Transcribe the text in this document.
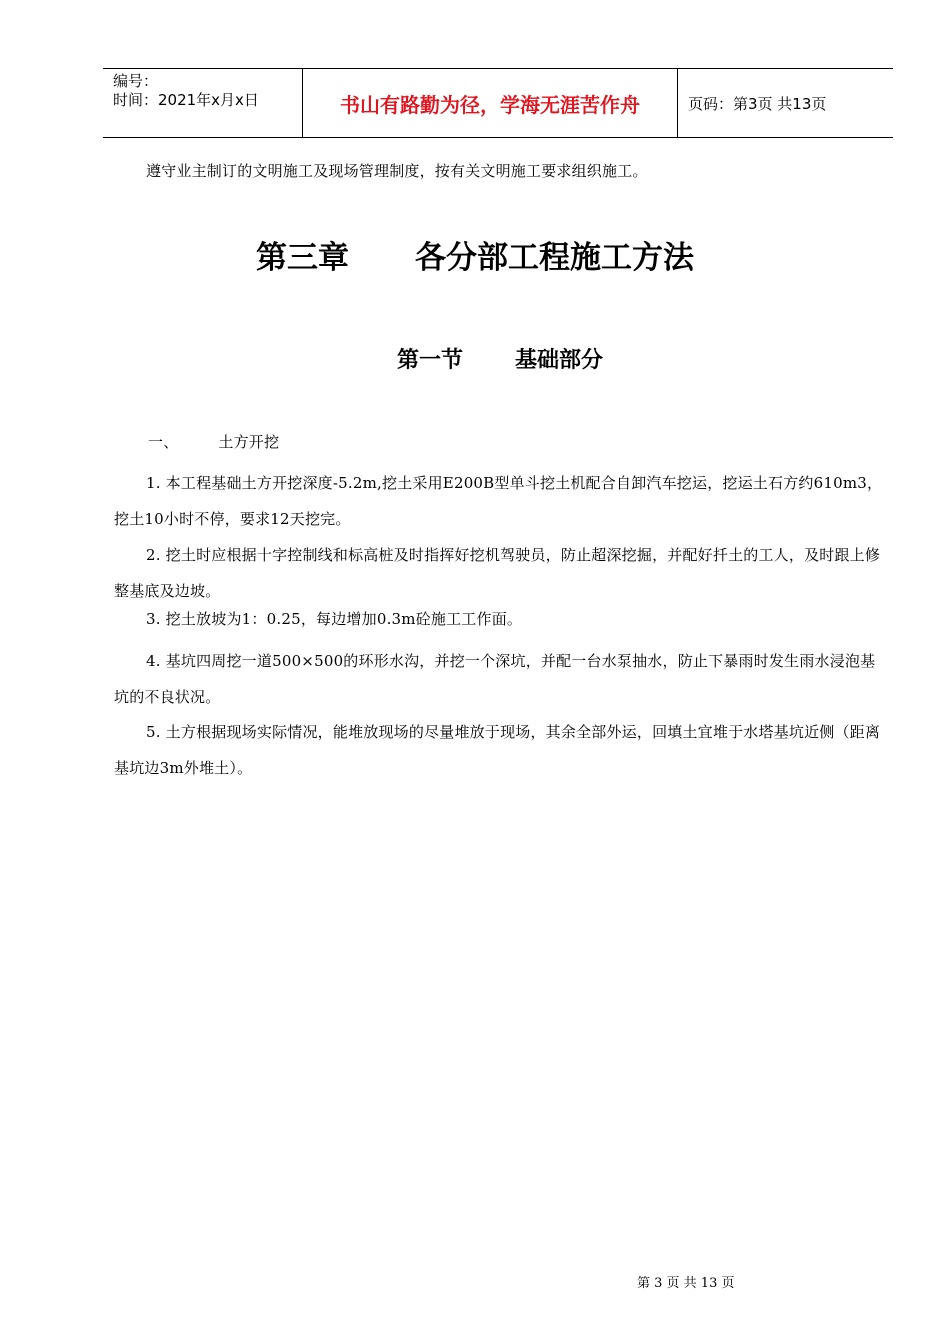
编号：
时间：2021年x月x日	书山有路勤为径，学海无涯苦作舟	页码：第3页 共13页
遵守业主制订的文明施工及现场管理制度，按有关文明施工要求组织施工。
第三章 各分部工程施工方法
第一节 基础部分
一、	土方开挖
1. 本工程基础土方开挖深度-5.2m,挖土采用E200B型单斗挖土机配合自卸汽车挖运，挖运土石方约610m3，挖土10小时不停，要求12天挖完。
2. 挖土时应根据十字控制线和标高桩及时指挥好挖机驾驶员，防止超深挖掘，并配好扦土的工人，及时跟上修整基底及边坡。
3. 挖土放坡为1：0.25，每边增加0.3m砼施工工作面。
4. 基坑四周挖一道500×500的环形水沟，并挖一个深坑，并配一台水泵抽水，防止下暴雨时发生雨水浸泡基坑的不良状况。
5. 土方根据现场实际情况，能堆放现场的尽量堆放于现场，其余全部外运，回填土宜堆于水塔基坑近侧（距离基坑边3m外堆土）。
第 3 页 共 13 页
